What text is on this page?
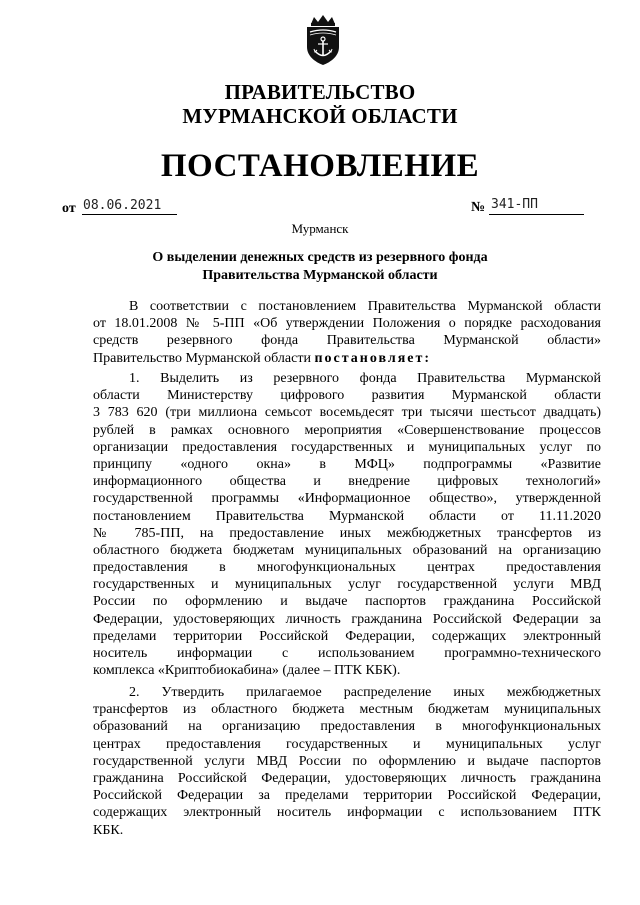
ПРАВИТЕЛЬСТВО
МУРМАНСКОЙ ОБЛАСТИ
ПОСТАНОВЛЕНИЕ
от 08.06.2021	№ 341-ПП
Мурманск
О выделении денежных средств из резервного фонда
Правительства Мурманской области
В соответствии с постановлением Правительства Мурманской области
от 18.01.2008 № 5-ПП «Об утверждении Положения о порядке расходования
средств резервного фонда Правительства Мурманской области»
Правительство Мурманской области постановляет:
1. Выделить из резервного фонда Правительства Мурманской
области Министерству цифрового развития Мурманской области
3 783 620 (три миллиона семьсот восемьдесят три тысячи шестьсот двадцать)
рублей в рамках основного мероприятия «Совершенствование процессов
организации предоставления государственных и муниципальных услуг по
принципу «одного окна» в МФЦ» подпрограммы «Развитие
информационного общества и внедрение цифровых технологий»
государственной программы «Информационное общество», утвержденной
постановлением Правительства Мурманской области от 11.11.2020
№ 785-ПП, на предоставление иных межбюджетных трансфертов из
областного бюджета бюджетам муниципальных образований на организацию
предоставления в многофункциональных центрах предоставления
государственных и муниципальных услуг государственной услуги МВД
России по оформлению и выдаче паспортов гражданина Российской
Федерации, удостоверяющих личность гражданина Российской Федерации за
пределами территории Российской Федерации, содержащих электронный
носитель информации с использованием программно-технического
комплекса «Криптобиокабина» (далее – ПТК КБК).
2. Утвердить прилагаемое распределение иных межбюджетных
трансфертов из областного бюджета местным бюджетам муниципальных
образований на организацию предоставления в многофункциональных
центрах предоставления государственных и муниципальных услуг
государственной услуги МВД России по оформлению и выдаче паспортов
гражданина Российской Федерации, удостоверяющих личность гражданина
Российской Федерации за пределами территории Российской Федерации,
содержащих электронный носитель информации с использованием ПТК
КБК.
